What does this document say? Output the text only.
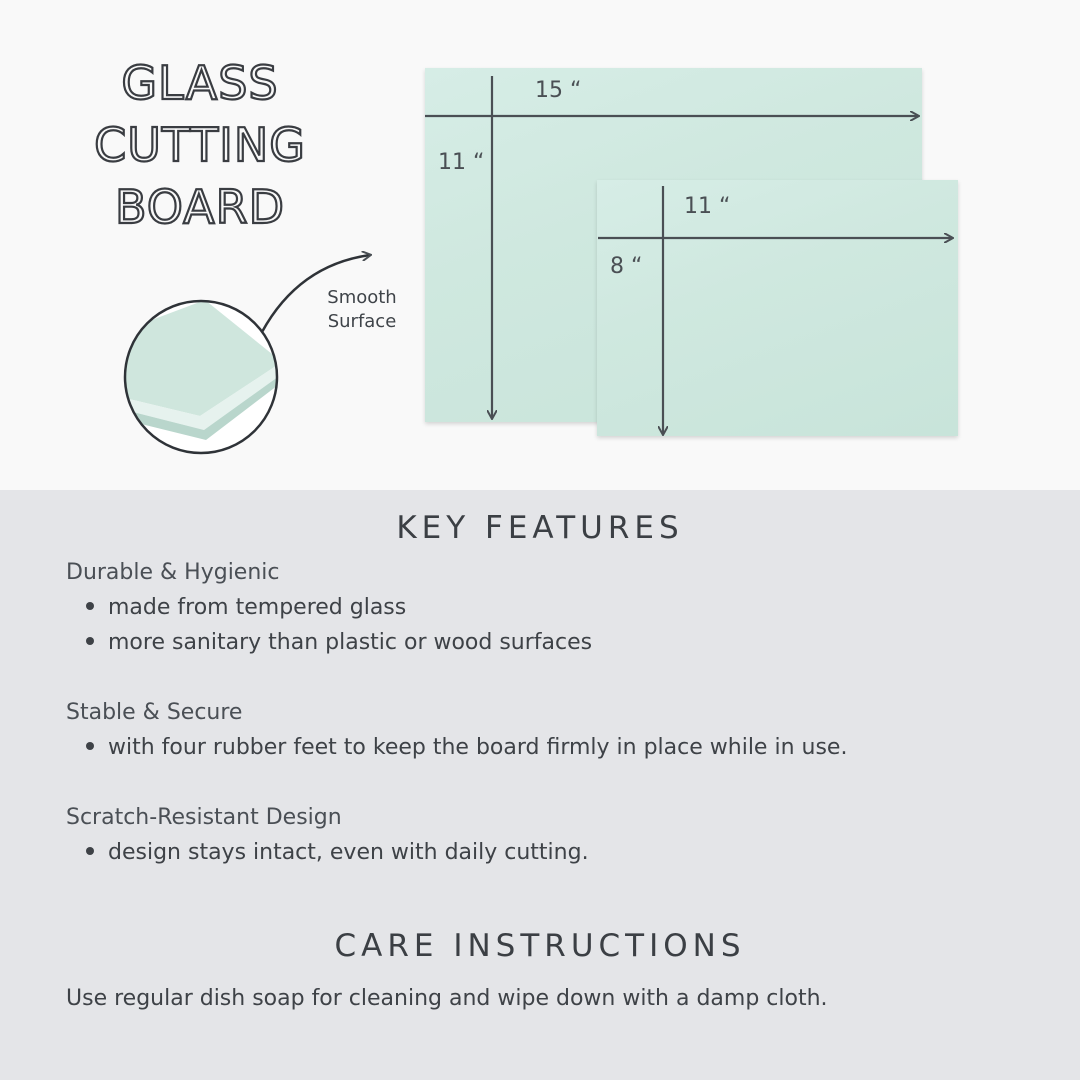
GLASS
CUTTING
BOARD
15 “
11 “
11 “
8 “
Smooth
Surface
KEY FEATURES
Durable & Hygienic
made from tempered glass
more sanitary than plastic or wood surfaces
Stable & Secure
with four rubber feet to keep the board firmly in place while in use.
Scratch-Resistant Design
design stays intact, even with daily cutting.
CARE INSTRUCTIONS
Use regular dish soap for cleaning and wipe down with a damp cloth.
